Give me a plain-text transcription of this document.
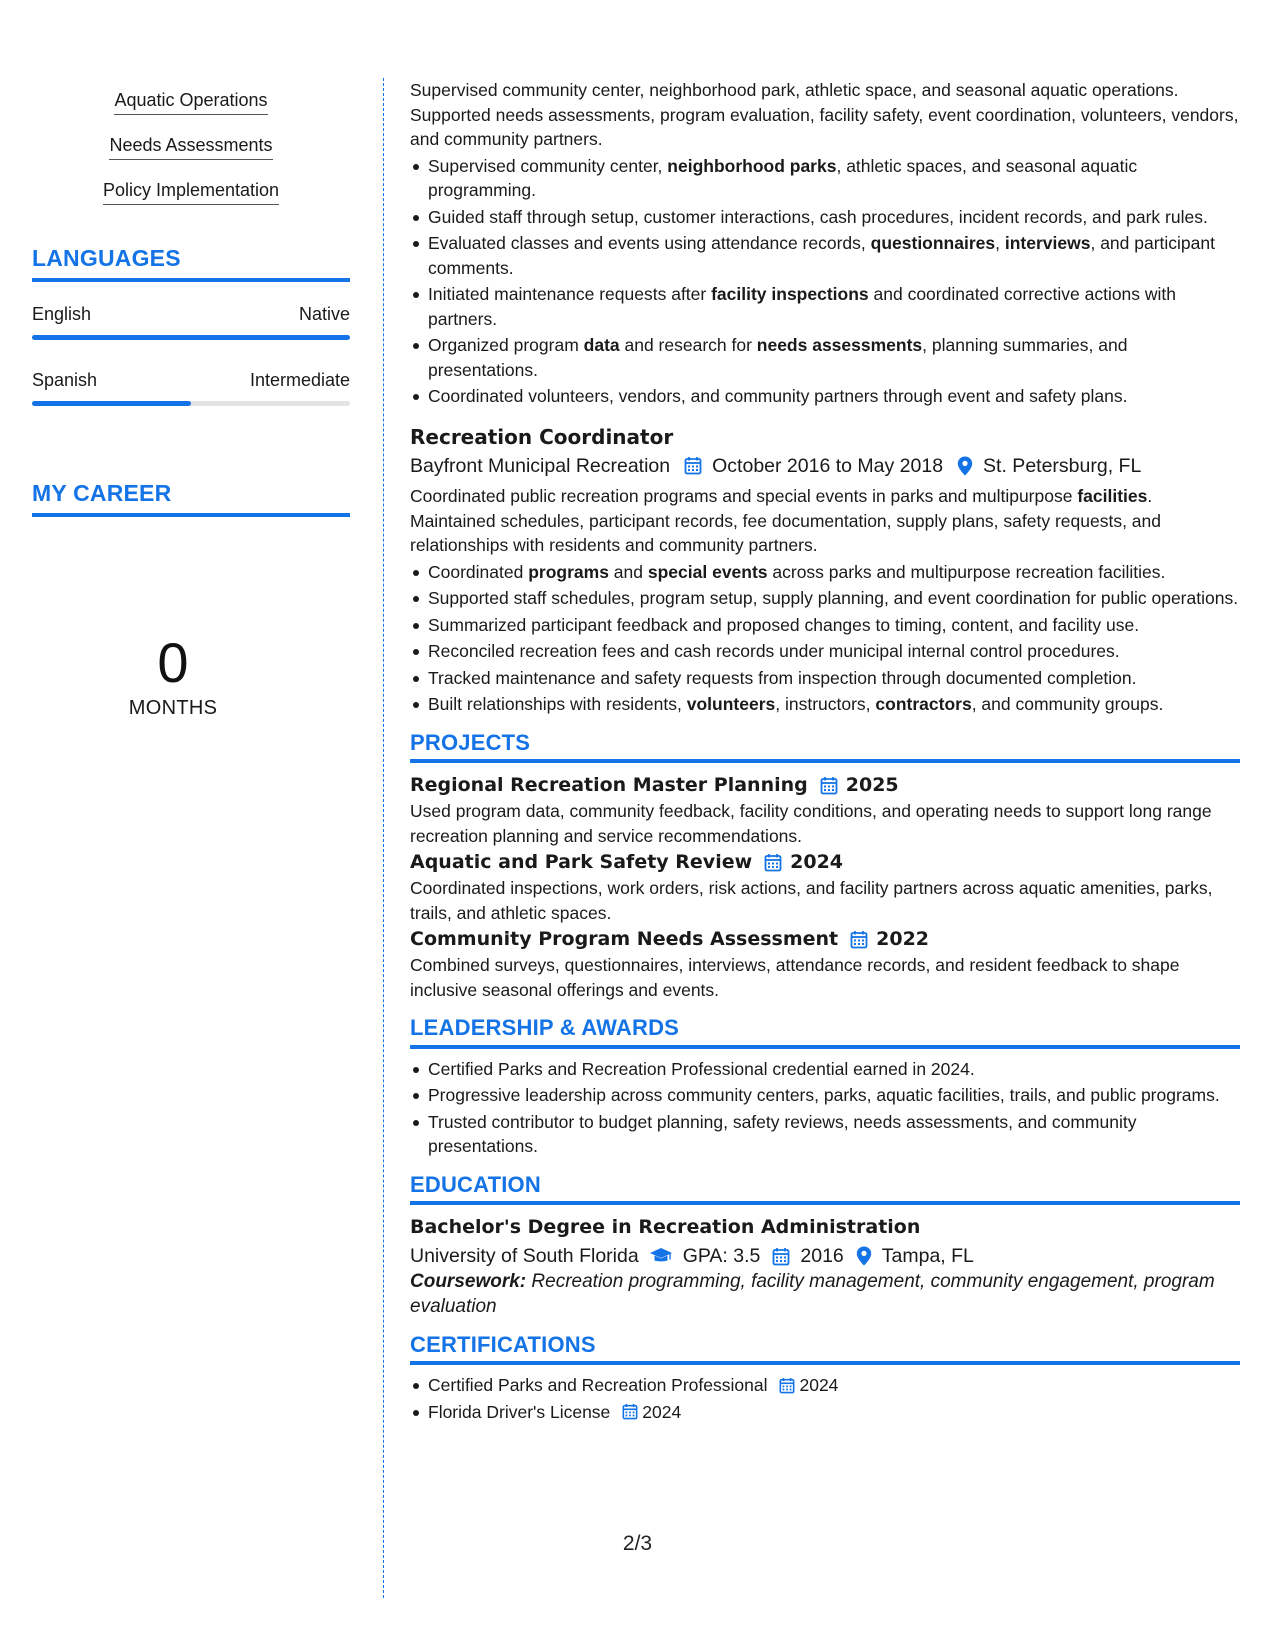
Aquatic Operations
Needs Assessments
Policy Implementation
LANGUAGES
English	Native
Spanish	Intermediate
MY CAREER
0
MONTHS

Supervised community center, neighborhood park, athletic space, and seasonal aquatic operations. Supported needs assessments, program evaluation, facility safety, event coordination, volunteers, vendors, and community partners.

Supervised community center, neighborhood parks, athletic spaces, and seasonal aquatic programming.
Guided staff through setup, customer interactions, cash procedures, incident records, and park rules.
Evaluated classes and events using attendance records, questionnaires, interviews, and participant comments.
Initiated maintenance requests after facility inspections and coordinated corrective actions with partners.
Organized program data and research for needs assessments, planning summaries, and presentations.
Coordinated volunteers, vendors, and community partners through event and safety plans.
Recreation Coordinator
Bayfront Municipal Recreation October 2016 to May 2018 St. Petersburg, FL

Coordinated public recreation programs and special events in parks and multipurpose facilities. Maintained schedules, participant records, fee documentation, supply plans, safety requests, and relationships with residents and community partners.

Coordinated programs and special events across parks and multipurpose recreation facilities.
Supported staff schedules, program setup, supply planning, and event coordination for public operations.
Summarized participant feedback and proposed changes to timing, content, and facility use.
Reconciled recreation fees and cash records under municipal internal control procedures.
Tracked maintenance and safety requests from inspection through documented completion.
Built relationships with residents, volunteers, instructors, contractors, and community groups.
PROJECTS
Regional Recreation Master Planning 2025

Used program data, community feedback, facility conditions, and operating needs to support long range recreation planning and service recommendations.

Aquatic and Park Safety Review 2024

Coordinated inspections, work orders, risk actions, and facility partners across aquatic amenities, parks, trails, and athletic spaces.

Community Program Needs Assessment 2022

Combined surveys, questionnaires, interviews, attendance records, and resident feedback to shape inclusive seasonal offerings and events.

LEADERSHIP & AWARDS
Certified Parks and Recreation Professional credential earned in 2024.
Progressive leadership across community centers, parks, aquatic facilities, trails, and public programs.
Trusted contributor to budget planning, safety reviews, needs assessments, and community presentations.
EDUCATION
Bachelor's Degree in Recreation Administration
University of South Florida GPA: 3.5 2016 Tampa, FL

Coursework: Recreation programming, facility management, community engagement, program evaluation

CERTIFICATIONS
Certified Parks and Recreation Professional 2024
Florida Driver's License 2024
2/3
